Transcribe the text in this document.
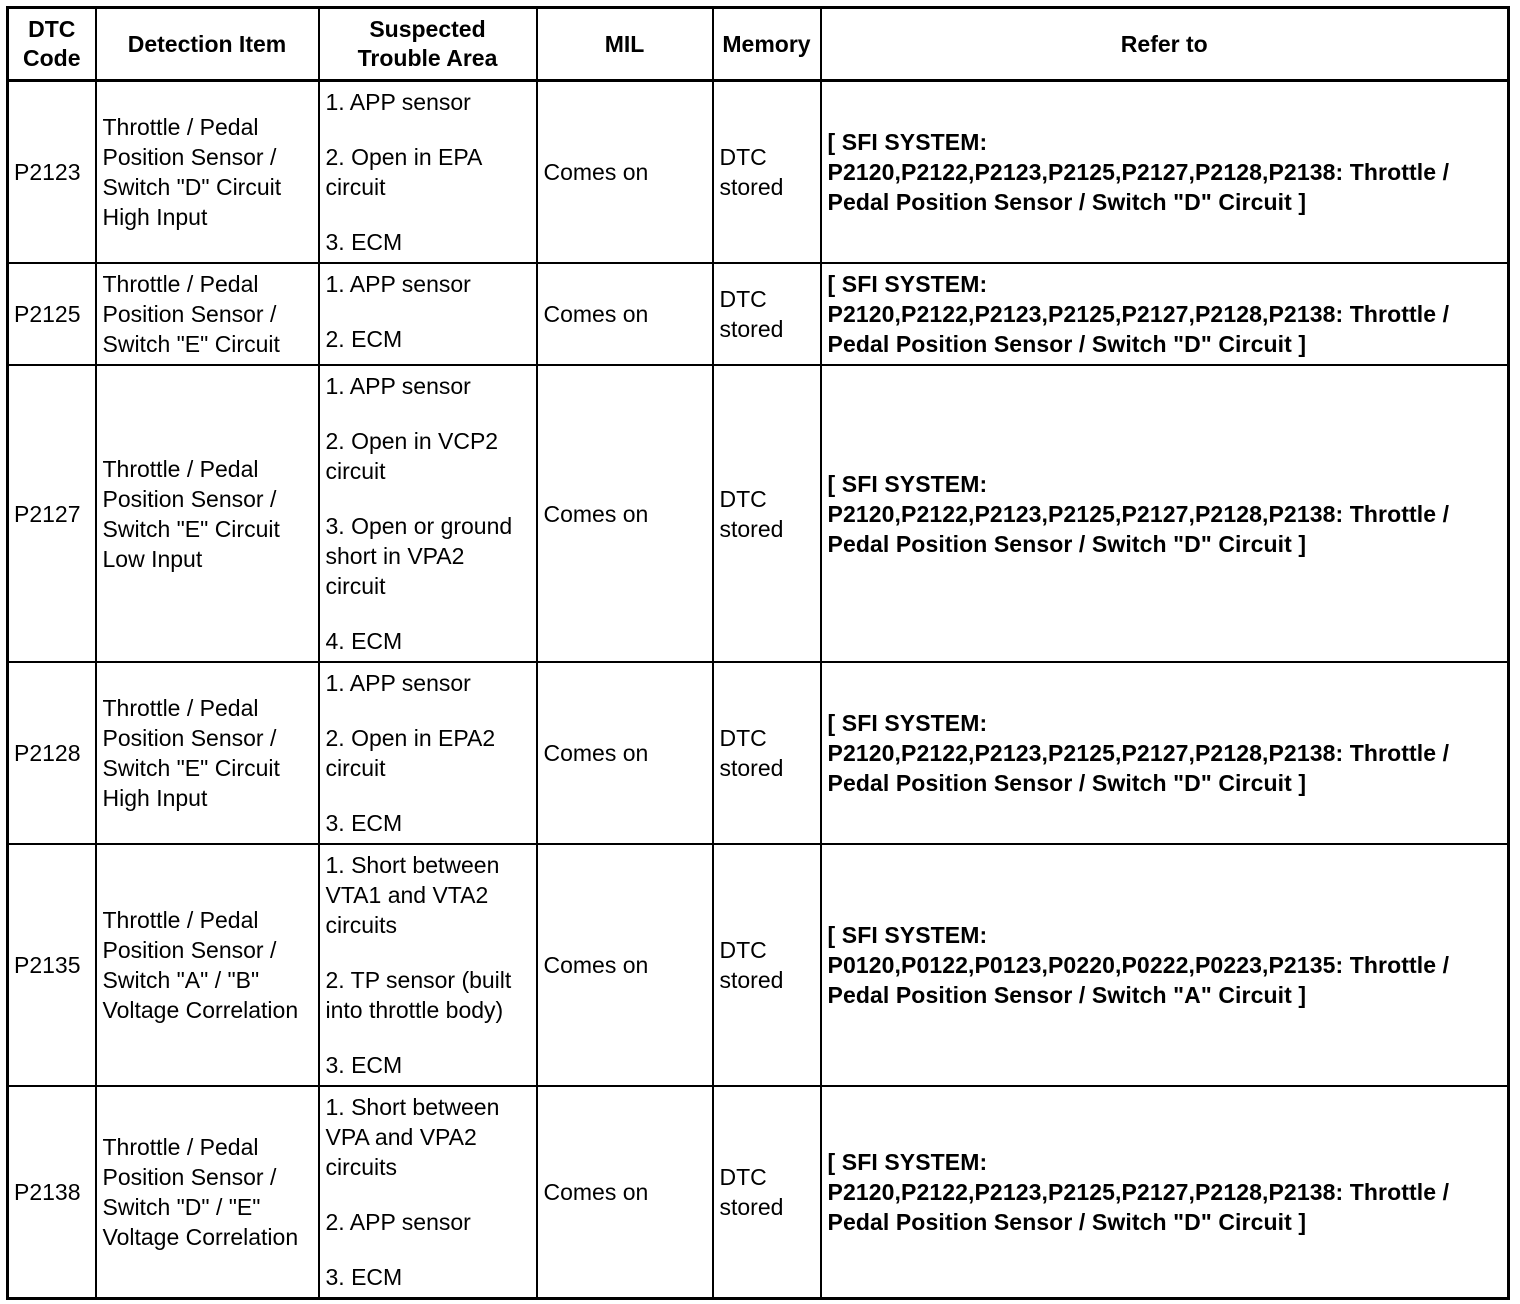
DTC Code	Detection Item	Suspected Trouble Area	MIL	Memory	Refer to
P2123	Throttle / Pedal Position Sensor / Switch "D" Circuit High Input	1. APP sensor
2. Open in EPA circuit
3. ECM	Comes on	DTC stored	[ SFI SYSTEM: P2120,P2122,P2123,P2125,P2127,P2128,P2138: Throttle / Pedal Position Sensor / Switch "D" Circuit ]
P2125	Throttle / Pedal Position Sensor / Switch "E" Circuit	1. APP sensor
2. ECM	Comes on	DTC stored	[ SFI SYSTEM: P2120,P2122,P2123,P2125,P2127,P2128,P2138: Throttle / Pedal Position Sensor / Switch "D" Circuit ]
P2127	Throttle / Pedal Position Sensor / Switch "E" Circuit Low Input	1. APP sensor
2. Open in VCP2 circuit
3. Open or ground short in VPA2 circuit
4. ECM	Comes on	DTC stored	[ SFI SYSTEM: P2120,P2122,P2123,P2125,P2127,P2128,P2138: Throttle / Pedal Position Sensor / Switch "D" Circuit ]
P2128	Throttle / Pedal Position Sensor / Switch "E" Circuit High Input	1. APP sensor
2. Open in EPA2 circuit
3. ECM	Comes on	DTC stored	[ SFI SYSTEM: P2120,P2122,P2123,P2125,P2127,P2128,P2138: Throttle / Pedal Position Sensor / Switch "D" Circuit ]
P2135	Throttle / Pedal Position Sensor / Switch "A" / "B" Voltage Correlation	1. Short between VTA1 and VTA2 circuits
2. TP sensor (built into throttle body)
3. ECM	Comes on	DTC stored	[ SFI SYSTEM: P0120,P0122,P0123,P0220,P0222,P0223,P2135: Throttle / Pedal Position Sensor / Switch "A" Circuit ]
P2138	Throttle / Pedal Position Sensor / Switch "D" / "E" Voltage Correlation	1. Short between VPA and VPA2 circuits
2. APP sensor
3. ECM	Comes on	DTC stored	[ SFI SYSTEM: P2120,P2122,P2123,P2125,P2127,P2128,P2138: Throttle / Pedal Position Sensor / Switch "D" Circuit ]
